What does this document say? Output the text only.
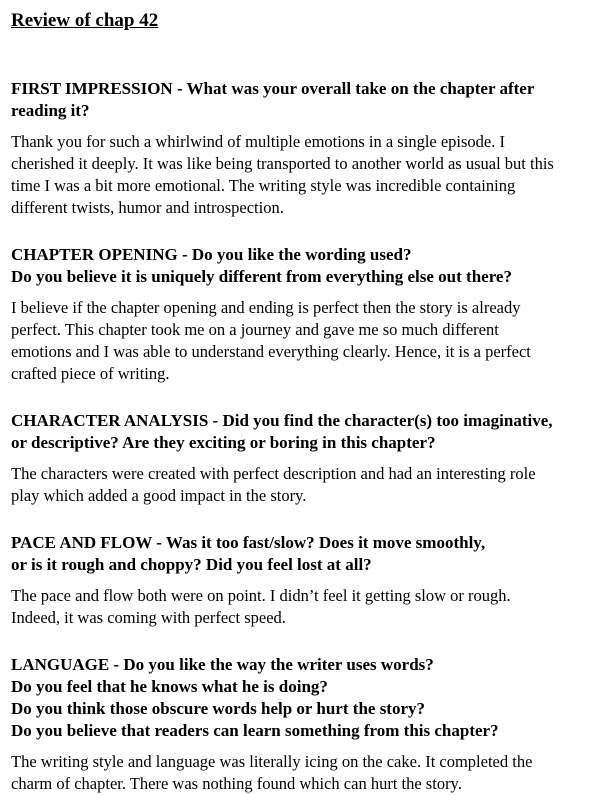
Review of chap 42

FIRST IMPRESSION - What was your overall take on the chapter after
reading it?

Thank you for such a whirlwind of multiple emotions in a single episode. I
cherished it deeply. It was like being transported to another world as usual but this
time I was a bit more emotional. The writing style was incredible containing
different twists, humor and introspection.

CHAPTER OPENING - Do you like the wording used?
Do you believe it is uniquely different from everything else out there?

I believe if the chapter opening and ending is perfect then the story is already
perfect. This chapter took me on a journey and gave me so much different
emotions and I was able to understand everything clearly. Hence, it is a perfect
crafted piece of writing.

CHARACTER ANALYSIS - Did you find the character(s) too imaginative,
or descriptive? Are they exciting or boring in this chapter?

The characters were created with perfect description and had an interesting role
play which added a good impact in the story.

PACE AND FLOW - Was it too fast/slow? Does it move smoothly,
or is it rough and choppy? Did you feel lost at all?

The pace and flow both were on point. I didn’t feel it getting slow or rough.
Indeed, it was coming with perfect speed.

LANGUAGE - Do you like the way the writer uses words?
Do you feel that he knows what he is doing?
Do you think those obscure words help or hurt the story?
Do you believe that readers can learn something from this chapter?

The writing style and language was literally icing on the cake. It completed the
charm of chapter. There was nothing found which can hurt the story.
